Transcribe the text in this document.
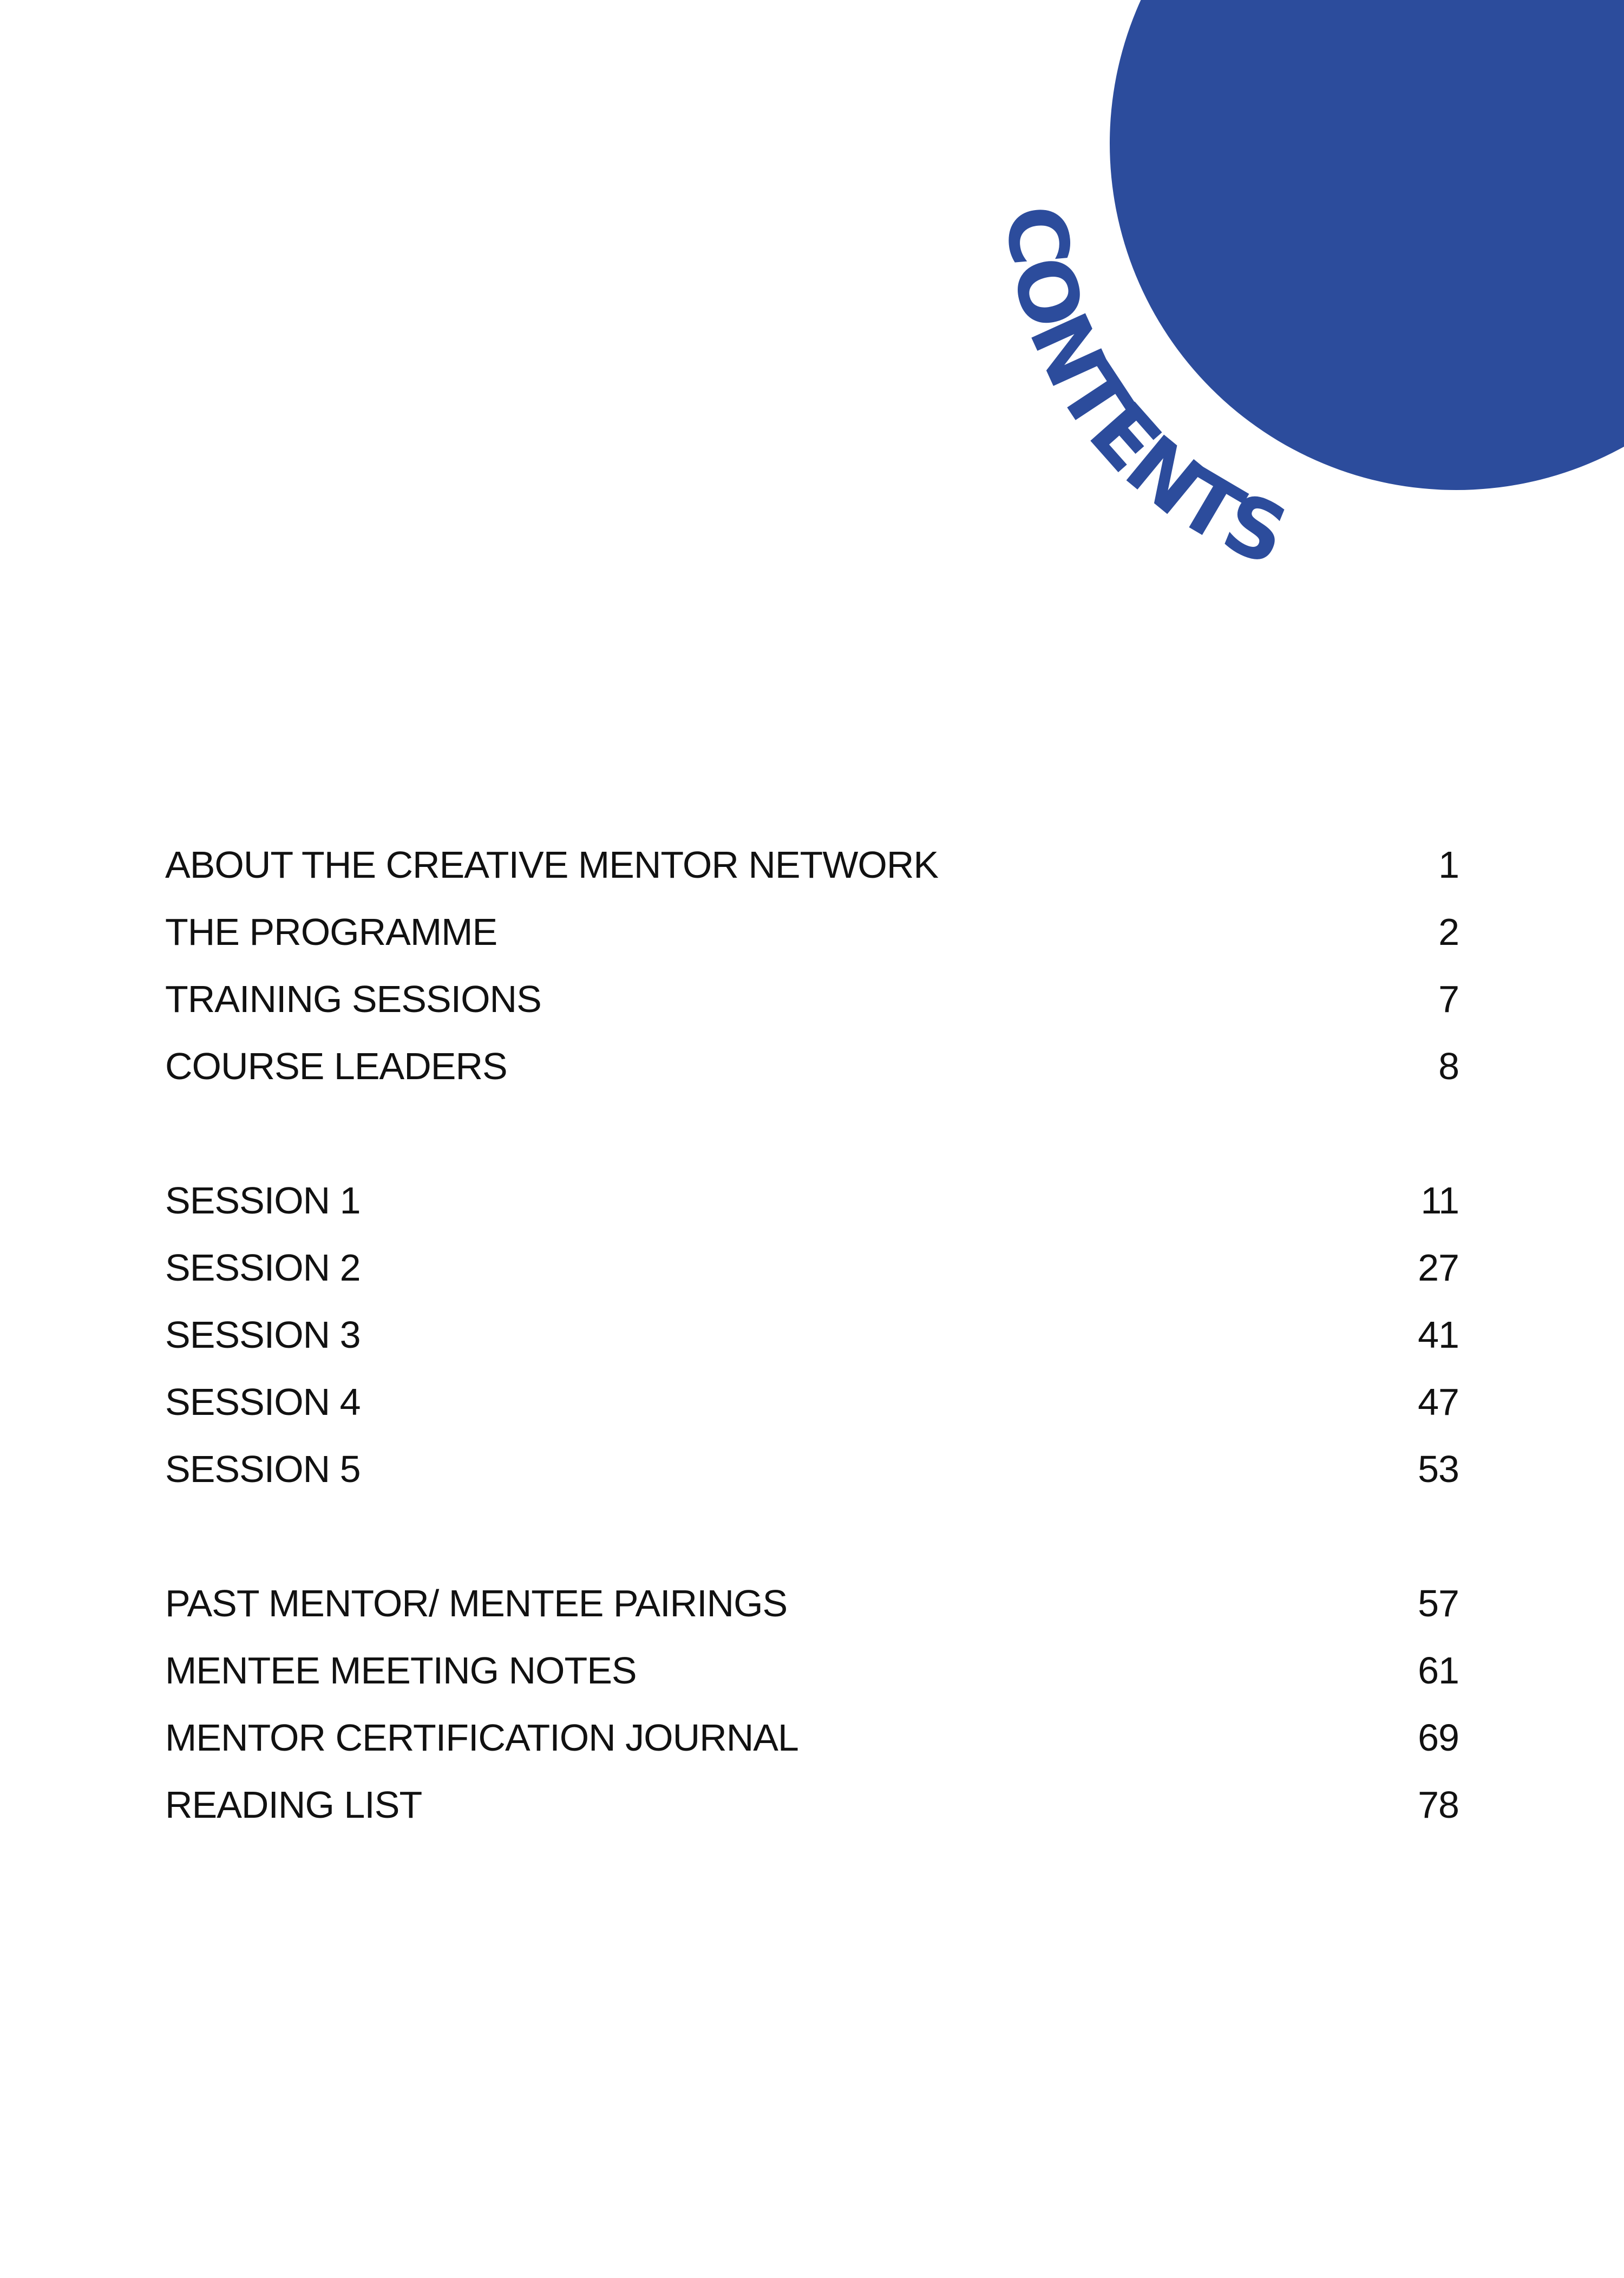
CONTENTS
ABOUT THE CREATIVE MENTOR NETWORK	1
THE PROGRAMME	2
TRAINING SESSIONS	7
COURSE LEADERS	8
SESSION 1	11
SESSION 2	27
SESSION 3	41
SESSION 4	47
SESSION 5	53
PAST MENTOR/ MENTEE PAIRINGS	57
MENTEE MEETING NOTES	61
MENTOR CERTIFICATION JOURNAL	69
READING LIST	78
